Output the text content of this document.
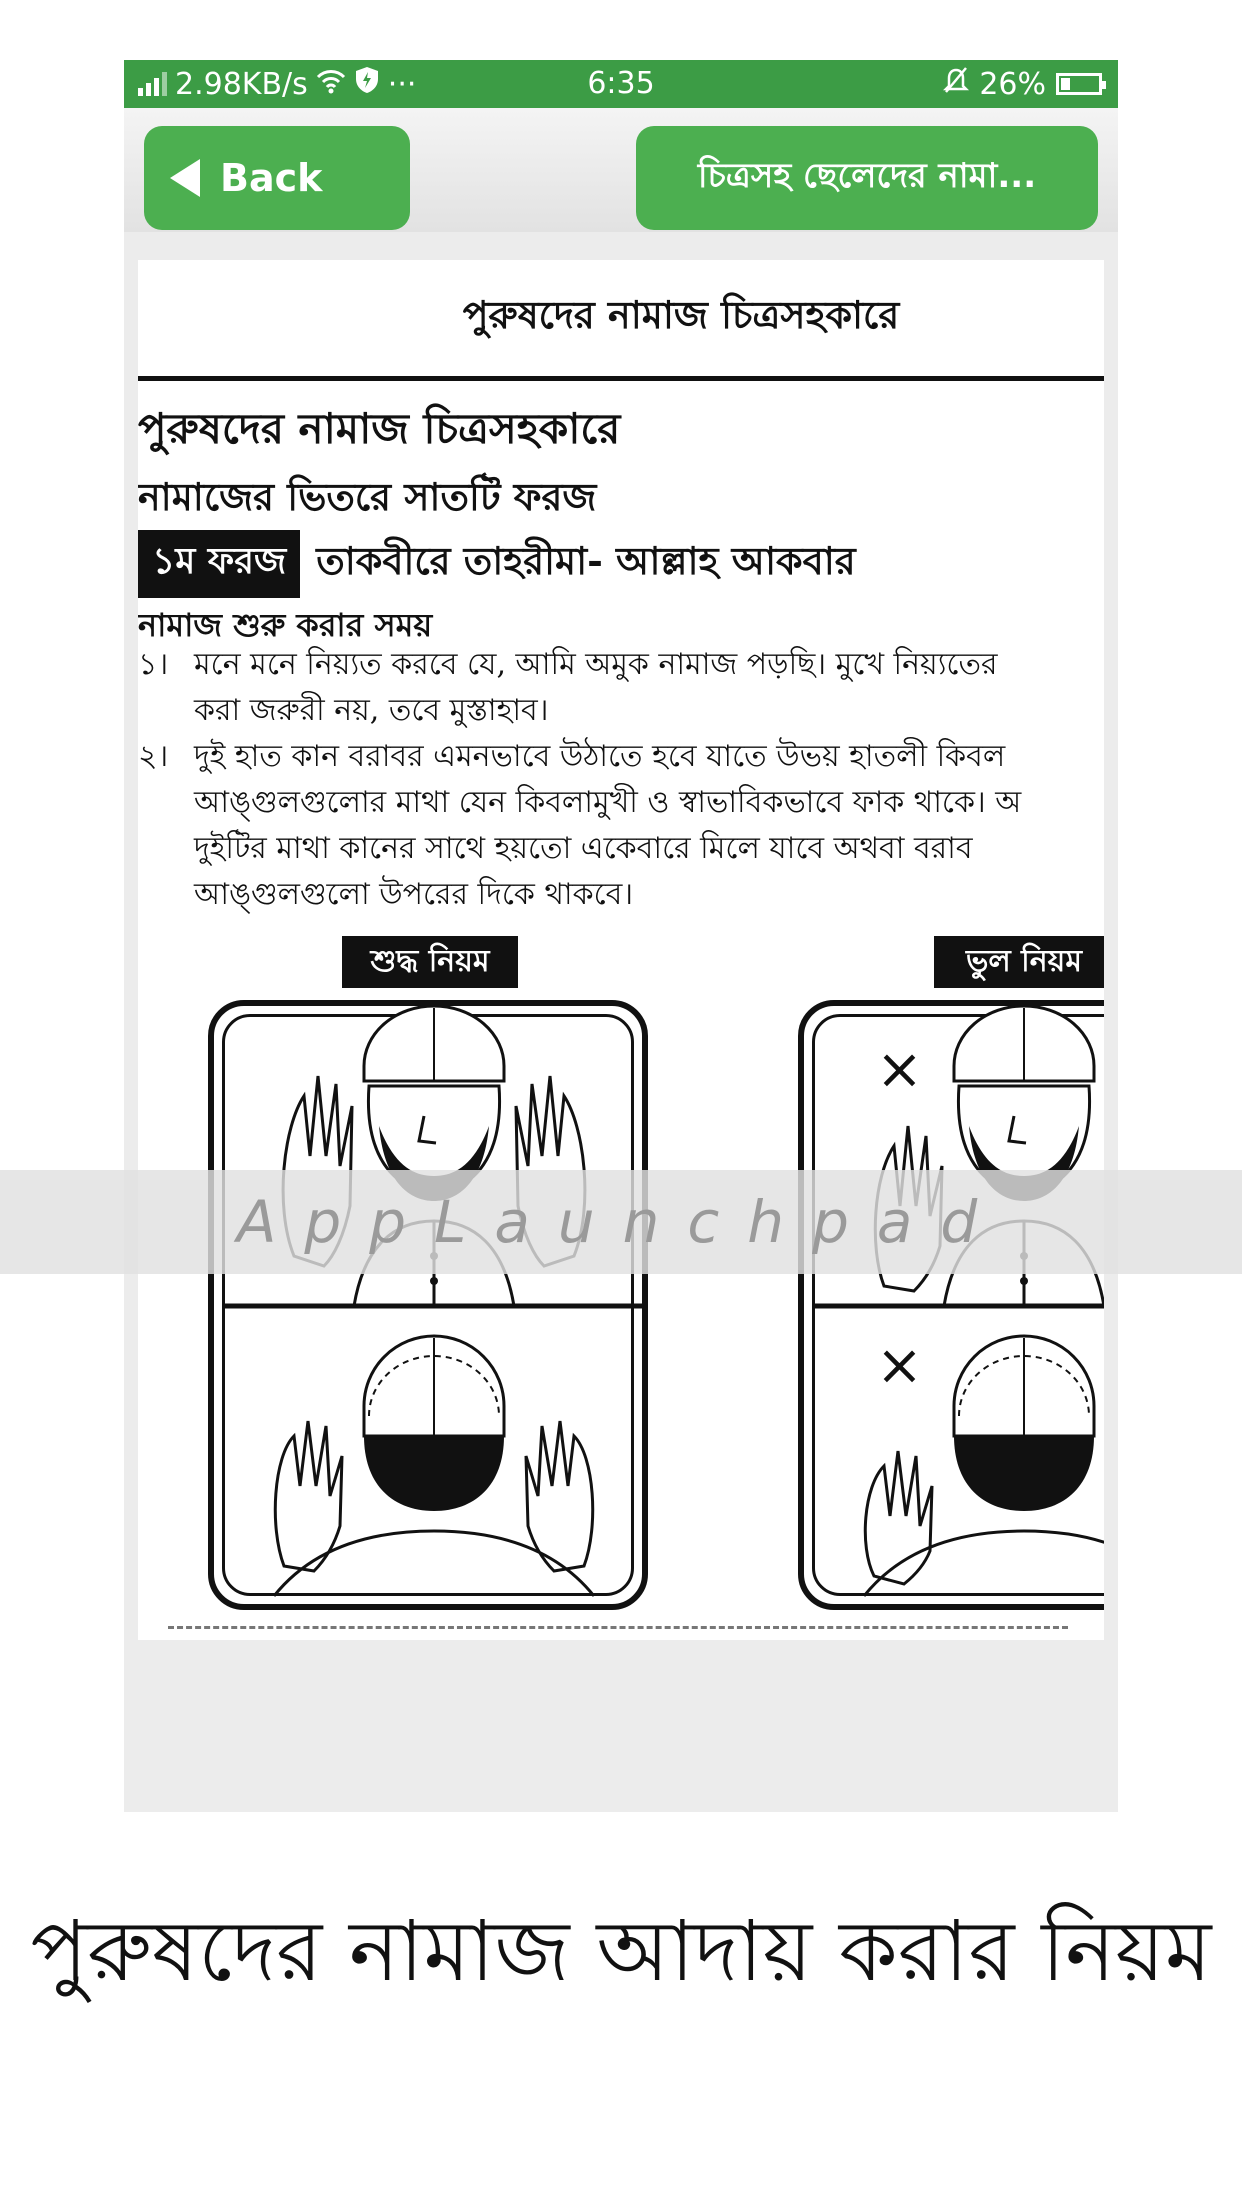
2.98KB/s	···	6:35	26%
Back	চিত্রসহ ছেলেদের নামা...
পুরুষদের নামাজ চিত্রসহকারে
পুরুষদের নামাজ চিত্রসহকারে
নামাজের ভিতরে সাতটি ফরজ
১ম ফরজ তাকবীরে তাহরীমা- আল্লাহ আকবার
নামাজ শুরু করার সময়
১। মনে মনে নিয়্যত করবে যে, আমি অমুক নামাজ পড়ছি। মুখে নিয়্যতের
করা জরুরী নয়, তবে মুস্তাহাব।
২। দুই হাত কান বরাবর এমনভাবে উঠাতে হবে যাতে উভয় হাতলী কিবল
আঙ্গুলগুলোর মাথা যেন কিবলামুখী ও স্বাভাবিকভাবে ফাক থাকে। অ
দুইটির মাথা কানের সাথে হয়তো একেবারে মিলে যাবে অথবা বরাব
আঙ্গুলগুলো উপরের দিকে থাকবে।
শুদ্ধ নিয়ম	ভুল নিয়ম
×
×
AppLaunchpad
পুরুষদের নামাজ আদায় করার নিয়ম
